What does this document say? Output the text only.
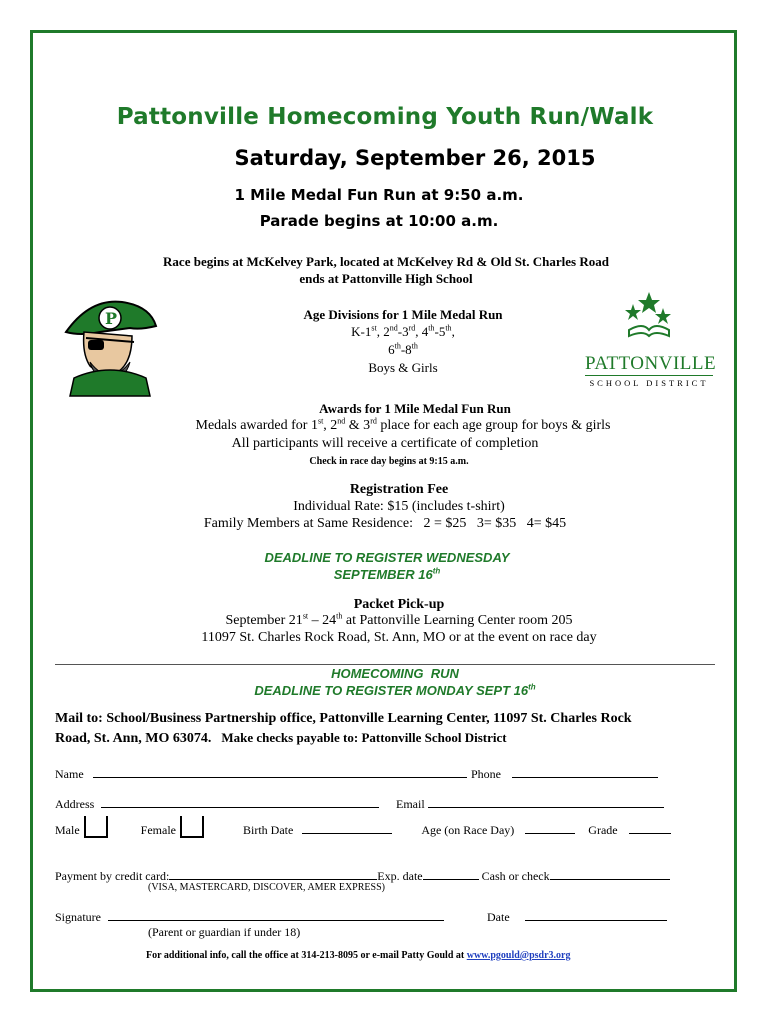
Pattonville Homecoming Youth Run/Walk
Saturday, September 26, 2015
1 Mile Medal Fun Run at 9:50 a.m.
Parade begins at 10:00 a.m.
Race begins at McKelvey Park, located at McKelvey Rd & Old St. Charles Road
ends at Pattonville High School
P
PATTONVILLE
SCHOOL DISTRICT
Age Divisions for 1 Mile Medal Run
K-1st, 2nd-3rd, 4th-5th,
6th-8th
Boys & Girls
Awards for 1 Mile Medal Fun Run
Medals awarded for 1st, 2nd & 3rd place for each age group for boys & girls
All participants will receive a certificate of completion
Check in race day begins at 9:15 a.m.
Registration Fee
Individual Rate: $15 (includes t-shirt)
Family Members at Same Residence:   2 = $25   3= $35   4= $45
DEADLINE TO REGISTER WEDNESDAY
SEPTEMBER 16th
Packet Pick-up
September 21st – 24th at Pattonville Learning Center room 205
11097 St. Charles Rock Road, St. Ann, MO or at the event on race day
HOMECOMING  RUN
DEADLINE TO REGISTER MONDAY SEPT 16th
Mail to: School/Business Partnership office, Pattonville Learning Center, 11097 St. Charles Rock
Road, St. Ann, MO 63074. Make checks payable to: Pattonville School District
Name	Phone
Address	Email
Male	Female	Birth Date	Age (on Race Day)	Grade
Payment by credit card:	Exp. date	Cash or check
(VISA, MASTERCARD, DISCOVER, AMER EXPRESS)
Signature	Date
(Parent or guardian if under 18)
For additional info, call the office at 314-213-8095 or e-mail Patty Gould at www.pgould@psdr3.org
